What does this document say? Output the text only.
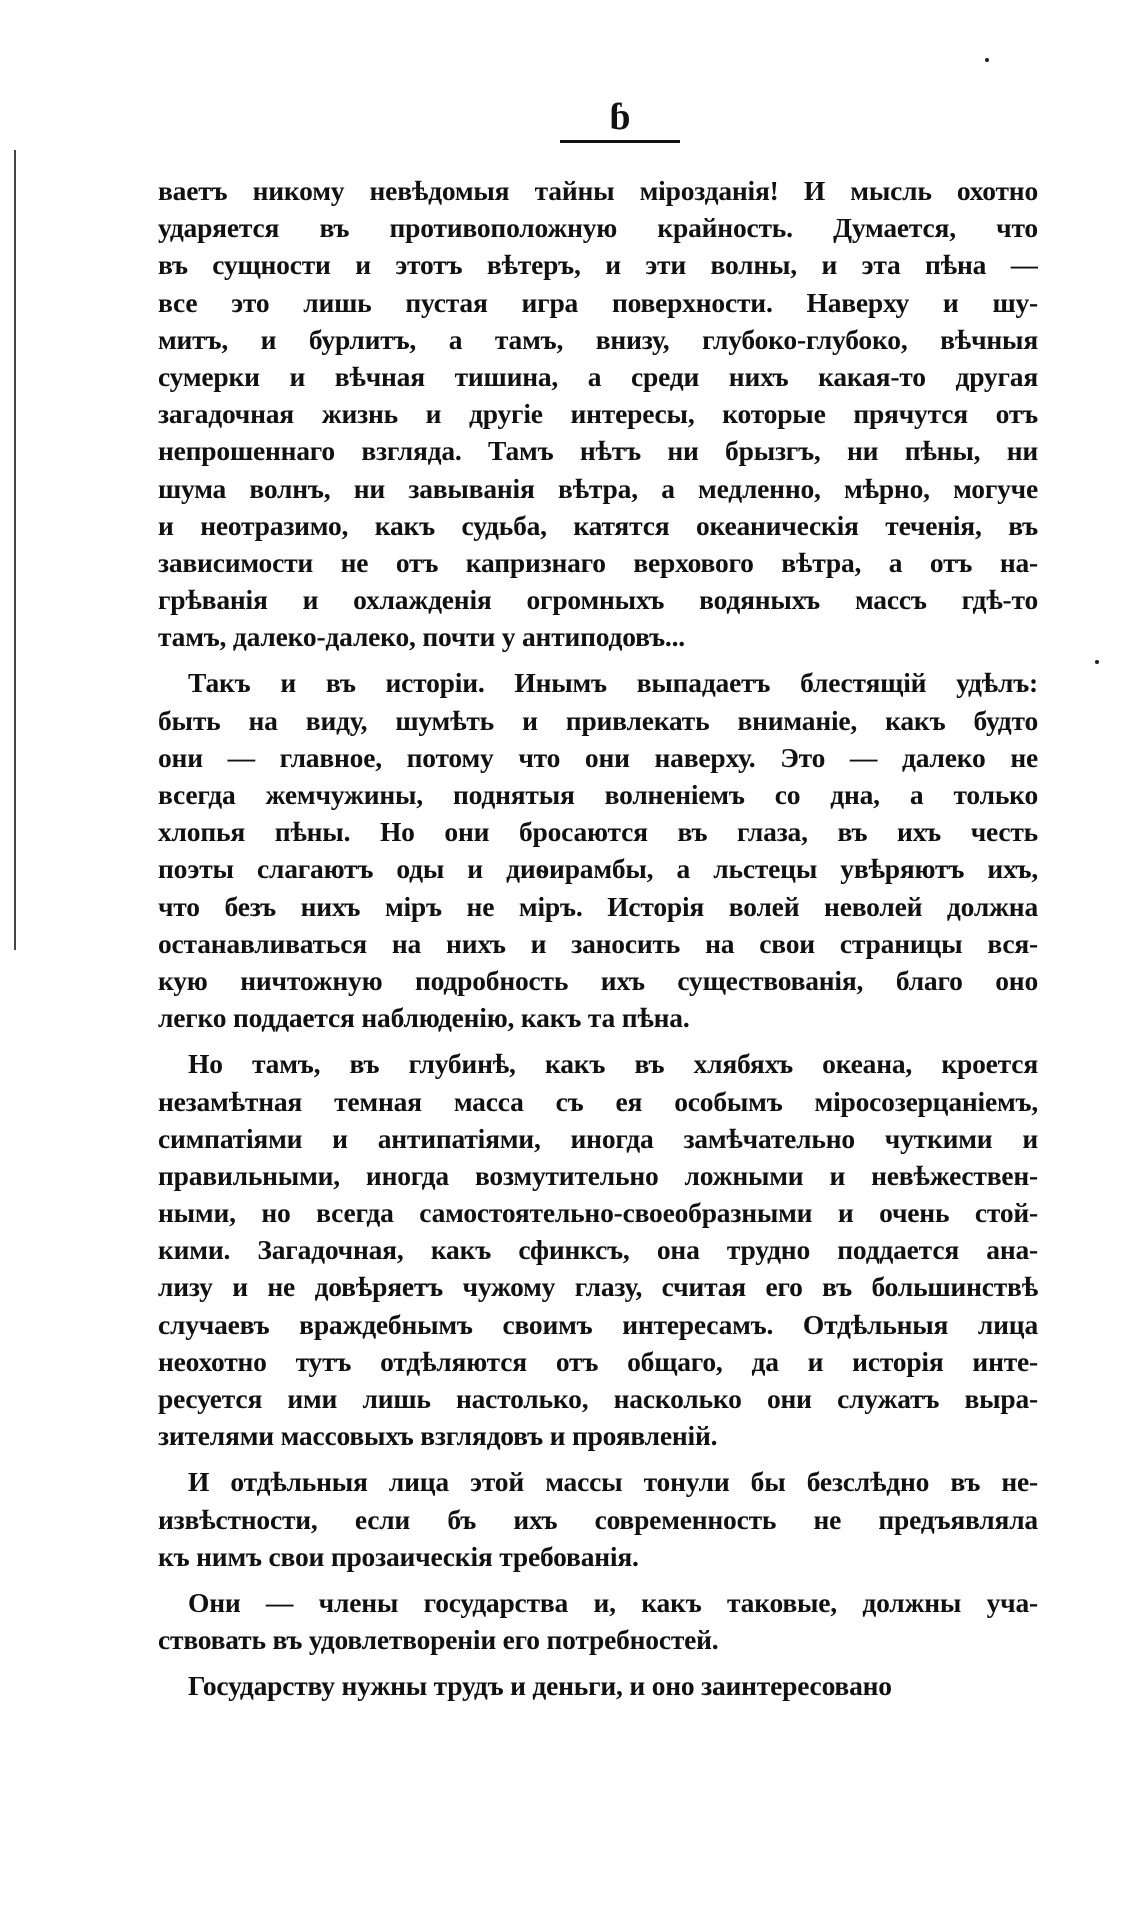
ɓ
ваетъ никому невѣдомыя тайны мірозданія! И мысль охотно
ударяется въ противоположную крайность. Думается, что
въ сущности и этотъ вѣтеръ, и эти волны, и эта пѣна —
все это лишь пустая игра поверхности. Наверху и шу-
митъ, и бурлитъ, а тамъ, внизу, глубоко-глубоко, вѣчныя
сумерки и вѣчная тишина, а среди нихъ какая-то другая
загадочная жизнь и другіе интересы, которые прячутся отъ
непрошеннаго взгляда. Тамъ нѣтъ ни брызгъ, ни пѣны, ни
шума волнъ, ни завыванія вѣтра, а медленно, мѣрно, могуче
и неотразимо, какъ судьба, катятся океаническія теченія, въ
зависимости не отъ капризнаго верхового вѣтра, а отъ на-
грѣванія и охлажденія огромныхъ водяныхъ массъ гдѣ-то
тамъ, далеко-далеко, почти у антиподовъ...
Такъ и въ исторіи. Инымъ выпадаетъ блестящій удѣлъ:
быть на виду, шумѣть и привлекать вниманіе, какъ будто
они — главное, потому что они наверху. Это — далеко не
всегда жемчужины, поднятыя волненіемъ со дна, а только
хлопья пѣны. Но они бросаются въ глаза, въ ихъ честь
поэты слагаютъ оды и диѳирамбы, а льстецы увѣряютъ ихъ,
что безъ нихъ міръ не міръ. Исторія волей неволей должна
останавливаться на нихъ и заносить на свои страницы вся-
кую ничтожную подробность ихъ существованія, благо оно
легко поддается наблюденію, какъ та пѣна.
Но тамъ, въ глубинѣ, какъ въ хлябяхъ океана, кроется
незамѣтная темная масса съ ея особымъ міросозерцаніемъ,
симпатіями и антипатіями, иногда замѣчательно чуткими и
правильными, иногда возмутительно ложными и невѣжествен-
ными, но всегда самостоятельно-своеобразными и очень стой-
кими. Загадочная, какъ сфинксъ, она трудно поддается ана-
лизу и не довѣряетъ чужому глазу, считая его въ большинствѣ
случаевъ враждебнымъ своимъ интересамъ. Отдѣльныя лица
неохотно тутъ отдѣляются отъ общаго, да и исторія инте-
ресуется ими лишь настолько, насколько они служатъ выра-
зителями массовыхъ взглядовъ и проявленій.
И отдѣльныя лица этой массы тонули бы безслѣдно въ не-
извѣстности, если бъ ихъ современность не предъявляла
къ нимъ свои прозаическія требованія.
Они — члены государства и, какъ таковые, должны уча-
ствовать въ удовлетвореніи его потребностей.
Государству нужны трудъ и деньги, и оно заинтересовано
